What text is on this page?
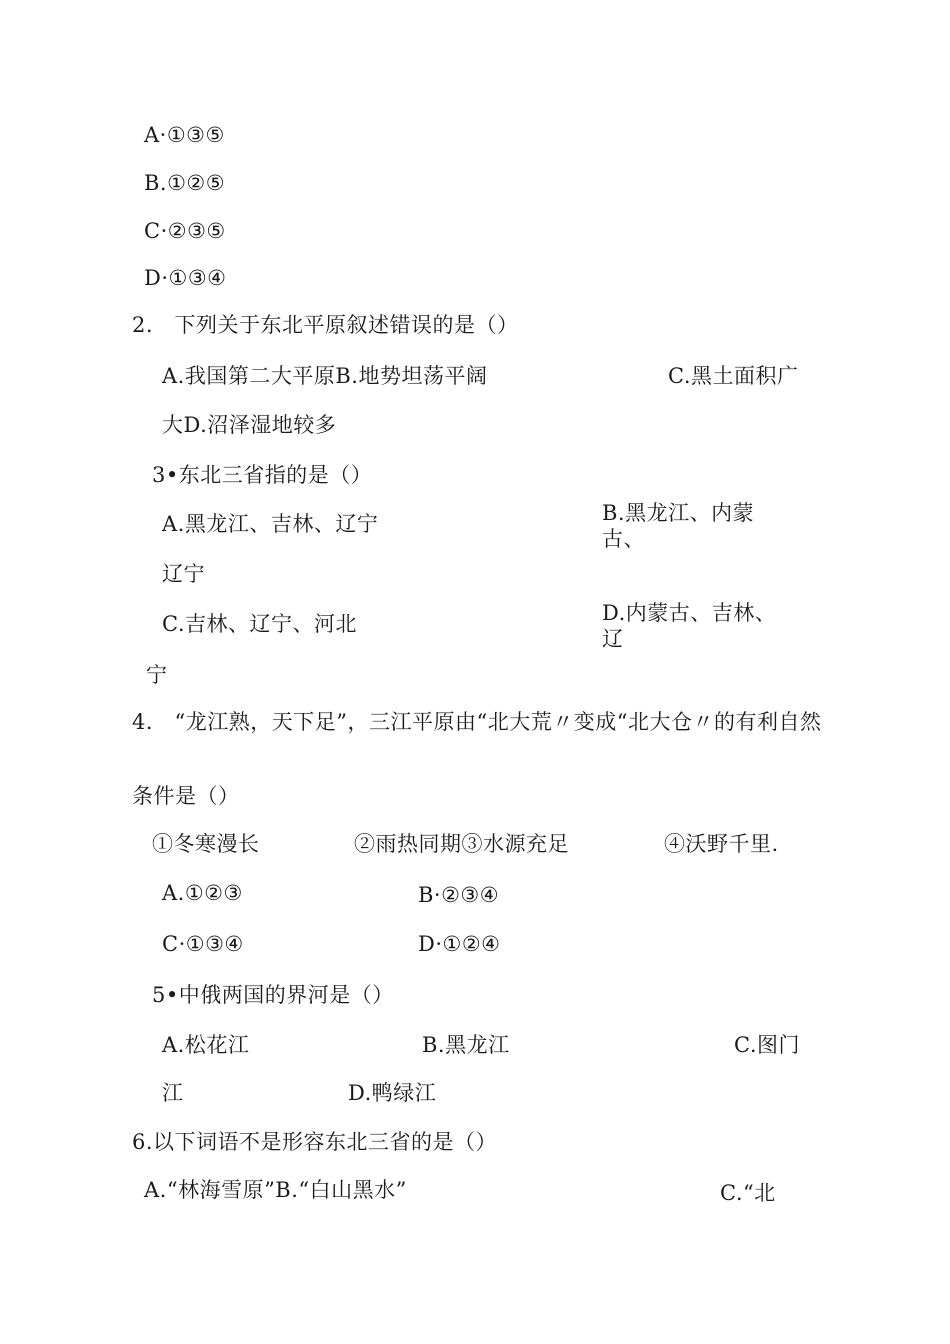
A·①③⑤
B.①②⑤
C·②③⑤
D·①③④
2.　下列关于东北平原叙述错误的是（）
A.我国第二大平原B.地势坦荡平阔	C.黑土面积广
大D.沼泽湿地较多
3•东北三省指的是（）
A.黑龙江、吉林、辽宁	B.黑龙江、内蒙古、
辽宁
C.吉林、辽宁、河北	D.内蒙古、吉林、辽
宁
4.　“龙江熟，天下足”，三江平原由“北大荒〃变成“北大仓〃的有利自然
条件是（）
①冬寒漫长	②雨热同期③水源充足	④沃野千里.
A.①②③	B·②③④
C·①③④	D·①②④
5•中俄两国的界河是（）
A.松花江	B.黑龙江	C.图门
江	D.鸭绿江
6.以下词语不是形容东北三省的是（）
A.“林海雪原”B.“白山黑水”	C.“北
